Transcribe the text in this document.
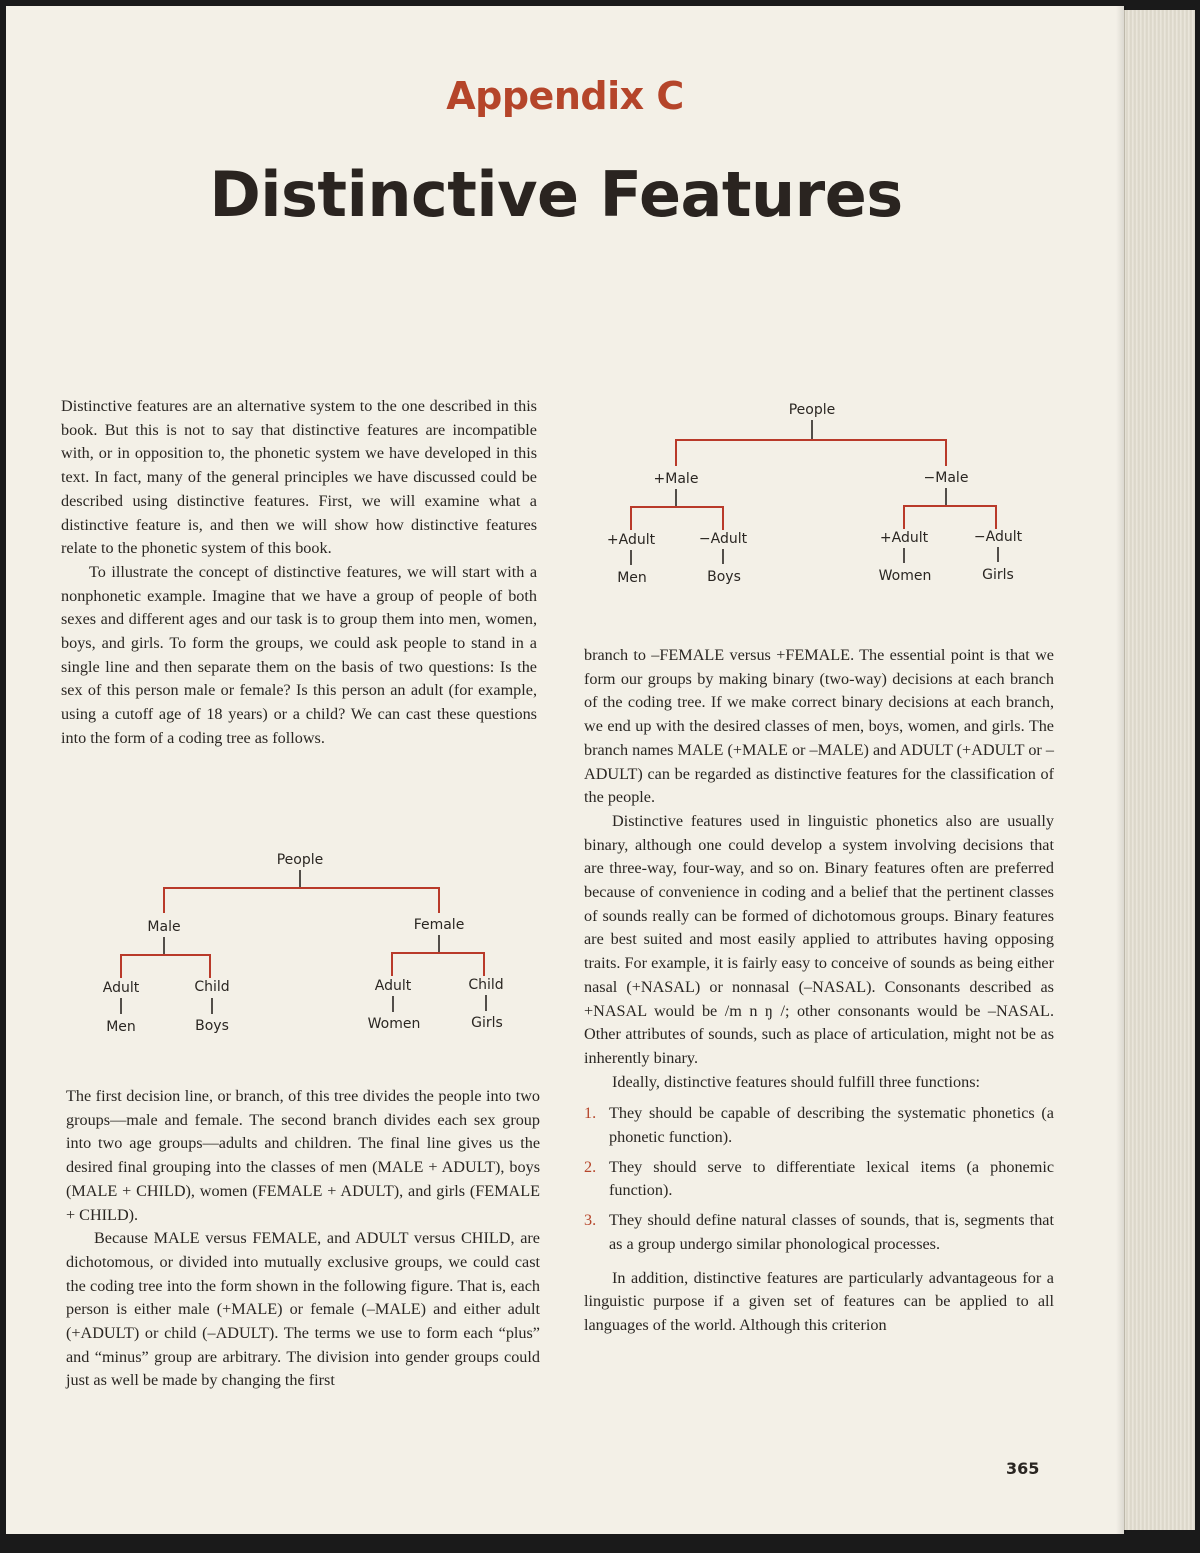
Appendix C
Distinctive Features

Distinctive features are an alternative system to the one described in this book. But this is not to say that distinctive features are incompatible with, or in opposition to, the phonetic system we have developed in this text. In fact, many of the general principles we have discussed could be described using distinctive features. First, we will examine what a distinctive feature is, and then we will show how distinctive features relate to the phonetic system of this book.

To illustrate the concept of distinctive features, we will start with a nonphonetic example. Imagine that we have a group of people of both sexes and different ages and our task is to group them into men, women, boys, and girls. To form the groups, we could ask people to stand in a single line and then separate them on the basis of two questions: Is the sex of this person male or female? Is this person an adult (for example, using a cutoff age of 18 years) or a child? We can cast these questions into the form of a coding tree as follows.

People
Male	Female
Adult	Child	Adult	Child
Men	Boys	Women	Girls

The first decision line, or branch, of this tree divides the people into two groups—male and female. The second branch divides each sex group into two age groups—adults and children. The final line gives us the desired final grouping into the classes of men (MALE + ADULT), boys (MALE + CHILD), women (FEMALE + ADULT), and girls (FEMALE + CHILD).

Because MALE versus FEMALE, and ADULT versus CHILD, are dichotomous, or divided into mutually exclusive groups, we could cast the coding tree into the form shown in the following figure. That is, each person is either male (+MALE) or female (–MALE) and either adult (+ADULT) or child (–ADULT). The terms we use to form each “plus” and “minus” group are arbitrary. The division into gender groups could just as well be made by changing the first

People
+Male	−Male
+Adult	−Adult	+Adult	−Adult
Men	Boys	Women	Girls

branch to –FEMALE versus +FEMALE. The essential point is that we form our groups by making binary (two-way) decisions at each branch of the coding tree. If we make correct binary decisions at each branch, we end up with the desired classes of men, boys, women, and girls. The branch names MALE (+MALE or –MALE) and ADULT (+ADULT or –ADULT) can be regarded as distinctive features for the classification of the people.

Distinctive features used in linguistic phonetics also are usually binary, although one could develop a system involving decisions that are three-way, four-way, and so on. Binary features often are preferred because of convenience in coding and a belief that the pertinent classes of sounds really can be formed of dichotomous groups. Binary features are best suited and most easily applied to attributes having opposing traits. For example, it is fairly easy to conceive of sounds as being either nasal (+NASAL) or nonnasal (–NASAL). Consonants described as +NASAL would be /m n ŋ /; other consonants would be –NASAL. Other attributes of sounds, such as place of articulation, might not be as inherently binary.

Ideally, distinctive features should fulfill three functions:

1. They should be capable of describing the systematic phonetics (a phonetic function).
2. They should serve to differentiate lexical items (a phonemic function).
3. They should define natural classes of sounds, that is, segments that as a group undergo similar phonological processes.

In addition, distinctive features are particularly advantageous for a linguistic purpose if a given set of features can be applied to all languages of the world. Although this criterion

365
